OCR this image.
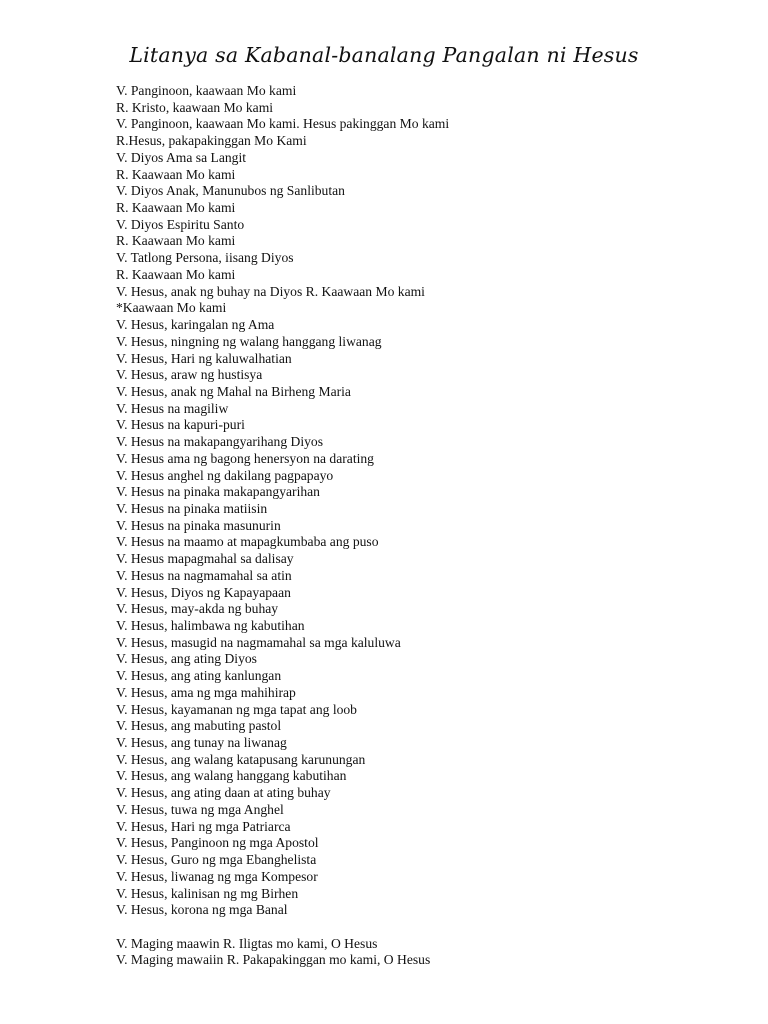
Litanya sa Kabanal-banalang Pangalan ni Hesus
V. Panginoon, kaawaan Mo kami
R. Kristo, kaawaan Mo kami
V. Panginoon, kaawaan Mo kami. Hesus pakinggan Mo kami
R.Hesus, pakapakinggan Mo Kami
V. Diyos Ama sa Langit
R. Kaawaan Mo kami
V. Diyos Anak, Manunubos ng Sanlibutan
R. Kaawaan Mo kami
V. Diyos Espiritu Santo
R. Kaawaan Mo kami
V. Tatlong Persona, iisang Diyos
R. Kaawaan Mo kami
V. Hesus, anak ng buhay na Diyos R. Kaawaan Mo kami
*Kaawaan Mo kami
V. Hesus, karingalan ng Ama
V. Hesus, ningning ng walang hanggang liwanag
V. Hesus, Hari ng kaluwalhatian
V. Hesus, araw ng hustisya
V. Hesus, anak ng Mahal na Birheng Maria
V. Hesus na magiliw
V. Hesus na kapuri-puri
V. Hesus na makapangyarihang Diyos
V. Hesus ama ng bagong henersyon na darating
V. Hesus anghel ng dakilang pagpapayo
V. Hesus na pinaka makapangyarihan
V. Hesus na pinaka matiisin
V. Hesus na pinaka masunurin
V. Hesus na maamo at mapagkumbaba ang puso
V. Hesus mapagmahal sa dalisay
V. Hesus na nagmamahal sa atin
V. Hesus, Diyos ng Kapayapaan
V. Hesus, may-akda ng buhay
V. Hesus, halimbawa ng kabutihan
V. Hesus, masugid na nagmamahal sa mga kaluluwa
V. Hesus, ang ating Diyos
V. Hesus, ang ating kanlungan
V. Hesus, ama ng mga mahihirap
V. Hesus, kayamanan ng mga tapat ang loob
V. Hesus, ang mabuting pastol
V. Hesus, ang tunay na liwanag
V. Hesus, ang walang katapusang karunungan
V. Hesus, ang walang hanggang kabutihan
V. Hesus, ang ating daan at ating buhay
V. Hesus, tuwa ng mga Anghel
V. Hesus, Hari ng mga Patriarca
V. Hesus, Panginoon ng mga Apostol
V. Hesus, Guro ng mga Ebanghelista
V. Hesus, liwanag ng mga Kompesor
V. Hesus, kalinisan ng mg Birhen
V. Hesus, korona ng mga Banal
V. Maging maawin R. Iligtas mo kami, O Hesus
V. Maging mawaiin R. Pakapakinggan mo kami, O Hesus
